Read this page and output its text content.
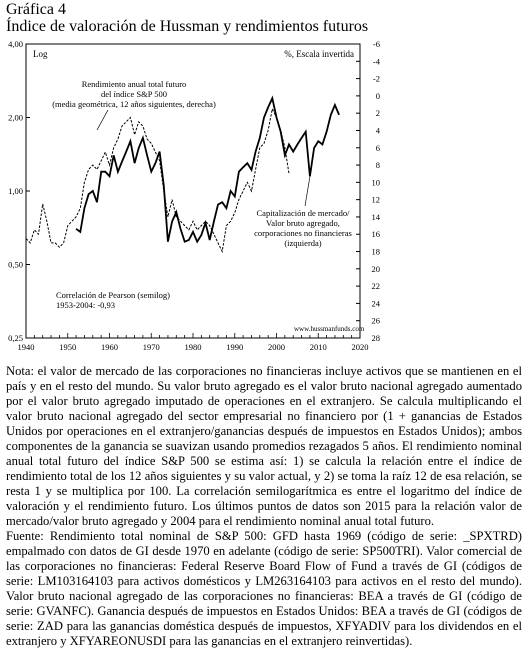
Gráfica 4
Índice de valoración de Hussman y rendimientos futuros
4,00
2,00
1,00
0,50
0,25
-6
-4
-2
0
2
4
6
8
10
12
14
16
18
20
22
24
26
28
1940	1950	1960	1970	1980	1990	2000	2010	2020
Log	%, Escala invertida
Rendimiento anual total futuro
del índice S&P 500
(media geométrica, 12 años siguientes, derecha)
Capitalización de mercado/
Valor bruto agregado,
corporaciones no financieras
(izquierda)
Correlación de Pearson (semilog)
1953-2004: -0,93
www.hussmanfunds.com

Nota: el valor de mercado de las corporaciones no financieras incluye activos que se mantienen en el país y en el resto del mundo. Su valor bruto agregado es el valor bruto nacional agregado aumentado por el valor bruto agregado imputado de operaciones en el extranjero. Se calcula multiplicando el valor bruto nacional agregado del sector empresarial no financiero por (1 + ganancias de Estados Unidos por operaciones en el extranjero/ganancias después de impuestos en Estados Unidos); ambos componentes de la ganancia se suavizan usando promedios rezagados 5 años. El rendimiento nominal anual total futuro del índice S&P 500 se estima así: 1) se calcula la relación entre el índice de rendimiento total de los 12 años siguientes y su valor actual, y 2) se toma la raíz 12 de esa relación, se resta 1 y se multiplica por 100. La correlación semilogarítmica es entre el logaritmo del índice de valoración y el rendimiento futuro. Los últimos puntos de datos son 2015 para la relación valor de mercado/valor bruto agregado y 2004 para el rendimiento nominal anual total futuro.

Fuente: Rendimiento total nominal de S&P 500: GFD hasta 1969 (código de serie: _SPXTRD) empalmado con datos de GI desde 1970 en adelante (código de serie: SP500TRI). Valor comercial de las corporaciones no financieras: Federal Reserve Board Flow of Fund a través de GI (códigos de serie: LM103164103 para activos domésticos y LM263164103 para activos en el resto del mundo). Valor bruto nacional agregado de las corporaciones no financieras: BEA a través de GI (código de serie: GVANFC). Ganancia después de impuestos en Estados Unidos: BEA a través de GI (códigos de serie: ZAD para las ganancias doméstica después de impuestos, XFYADIV para los dividendos en el extranjero y XFYAREONUSDI para las ganancias en el extranjero reinvertidas).
